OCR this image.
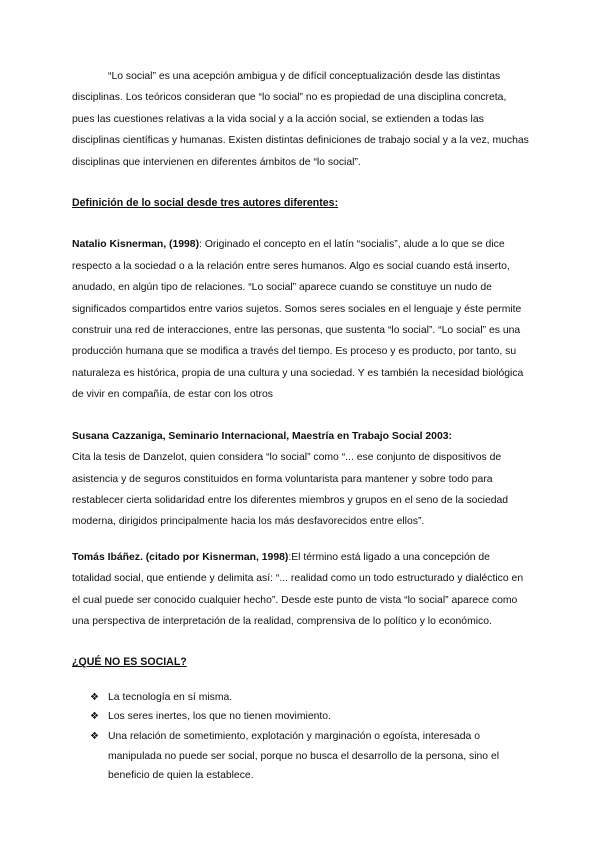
“Lo social” es una acepción ambigua y de difícil conceptualización desde las distintas disciplinas. Los teóricos consideran que “lo social” no es propiedad de una disciplina concreta, pues las cuestiones relativas a la vida social y a la acción social, se extienden a todas las disciplinas científicas y humanas. Existen distintas definiciones de trabajo social y a la vez, muchas disciplinas que intervienen en diferentes ámbitos de “lo social”.

Definición de lo social desde tres autores diferentes:

Natalio Kisnerman, (1998): Originado el concepto en el latín “socialis”, alude a lo que se dice respecto a la sociedad o a la relación entre seres humanos. Algo es social cuando está inserto, anudado, en algún tipo de relaciones. “Lo social” aparece cuando se constituye un nudo de significados compartidos entre varios sujetos. Somos seres sociales en el lenguaje y éste permite construir una red de interacciones, entre las personas, que sustenta “lo social”. “Lo social” es una producción humana que se modifica a través del tiempo. Es proceso y es producto, por tanto, su naturaleza es histórica, propia de una cultura y una sociedad. Y es también la necesidad biológica de vivir en compañía, de estar con los otros

Susana Cazzaniga, Seminario Internacional, Maestría en Trabajo Social 2003:

Cita la tesis de Danzelot, quien considera “lo social” como “... ese conjunto de dispositivos de asistencia y de seguros constituidos en forma voluntarista para mantener y sobre todo para restablecer cierta solidaridad entre los diferentes miembros y grupos en el seno de la sociedad moderna, dirigidos principalmente hacia los más desfavorecidos entre ellos”.

Tomás Ibáñez. (citado por Kisnerman, 1998):El término está ligado a una concepción de totalidad social, que entiende y delimita así: “... realidad como un todo estructurado y dialéctico en el cual puede ser conocido cualquier hecho”. Desde este punto de vista “lo social” aparece como una perspectiva de interpretación de la realidad, comprensiva de lo político y lo económico.

¿QUÉ NO ES SOCIAL?

❖ La tecnología en sí misma.
❖ Los seres inertes, los que no tienen movimiento.
❖ Una relación de sometimiento, explotación y marginación o egoísta, interesada o manipulada no puede ser social, porque no busca el desarrollo de la persona, sino el beneficio de quien la establece.
